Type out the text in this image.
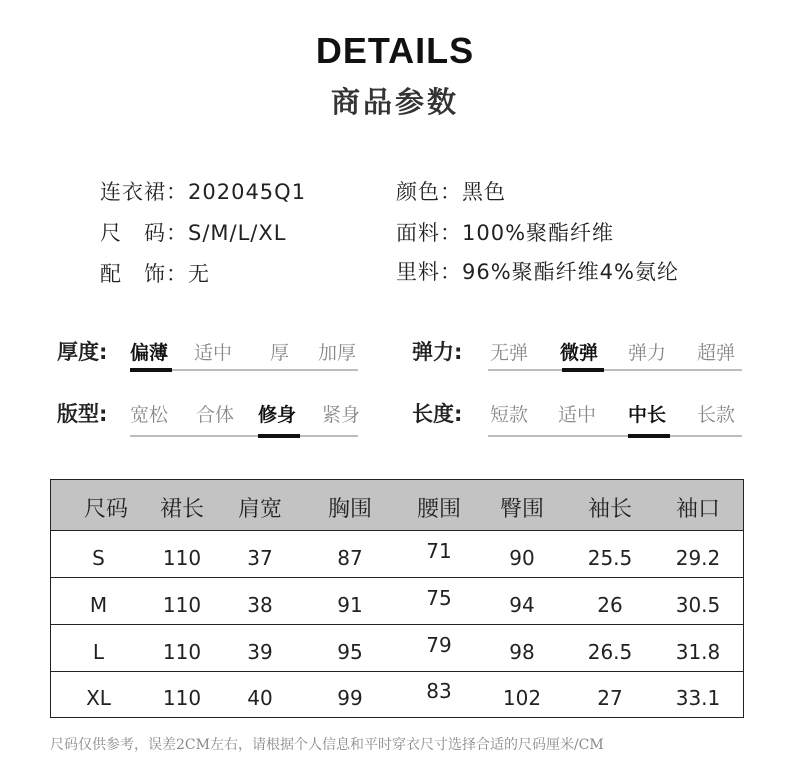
DETAILS
商品参数
连衣裙：202045Q1
尺　码：S/M/L/XL
配　饰：无
颜色：黑色
面料：100%聚酯纤维
里料：96%聚酯纤维4%氨纶
厚度: 偏薄 适中 厚 加厚	弹力: 无弹 微弹 弹力 超弹
版型: 宽松 合体 修身 紧身 长度: 短款 适中 中长 长款
尺码	裙长	肩宽	胸围	腰围	臀围	袖长	袖口
S	110	37	87	71	90	25.5	29.2
M	110	38	91	75	94	26	30.5
L	110	39	95	79	98	26.5	31.8
XL	110	40	99	83	102	27	33.1
尺码仅供参考，误差2CM左右，请根据个人信息和平时穿衣尺寸选择合适的尺码厘米/CM
